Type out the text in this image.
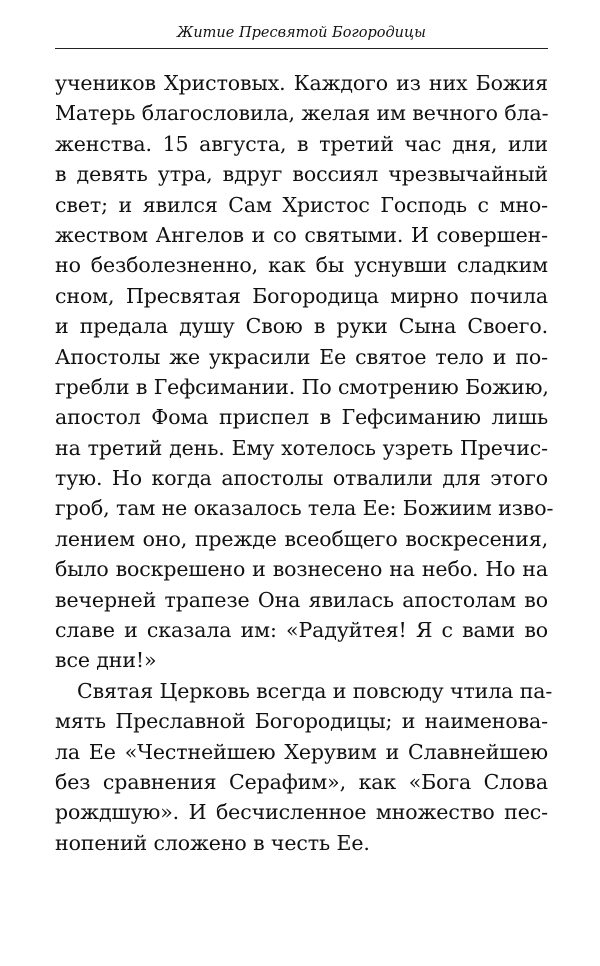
Житие Пресвятой Богородицы
учеников Христовых. Каждого из них Божия
Матерь благословила, желая им вечного бла-
женства. 15 августа, в третий час дня, или
в девять утра, вдруг воссиял чрезвычайный
свет; и явился Сам Христос Господь с мно-
жеством Ангелов и со святыми. И совершен-
но безболезненно, как бы уснувши сладким
сном, Пресвятая Богородица мирно почила
и предала душу Свою в руки Сына Своего.
Апостолы же украсили Ее святое тело и по-
гребли в Гефсимании. По смотрению Божию,
апостол Фома приспел в Гефсиманию лишь
на третий день. Ему хотелось узреть Пречис-
тую. Но когда апостолы отвалили для этого
гроб, там не оказалось тела Ее: Божиим изво-
лением оно, прежде всеобщего воскресения,
было воскрешено и вознесено на небо. Но на
вечерней трапезе Она явилась апостолам во
славе и сказала им: «Радуйтея! Я с вами во
все дни!»
Святая Церковь всегда и повсюду чтила па-
мять Преславной Богородицы; и наименова-
ла Ее «Честнейшею Херувим и Славнейшею
без сравнения Серафим», как «Бога Слова
рождшую». И бесчисленное множество пес-
нопений сложено в честь Ее.
